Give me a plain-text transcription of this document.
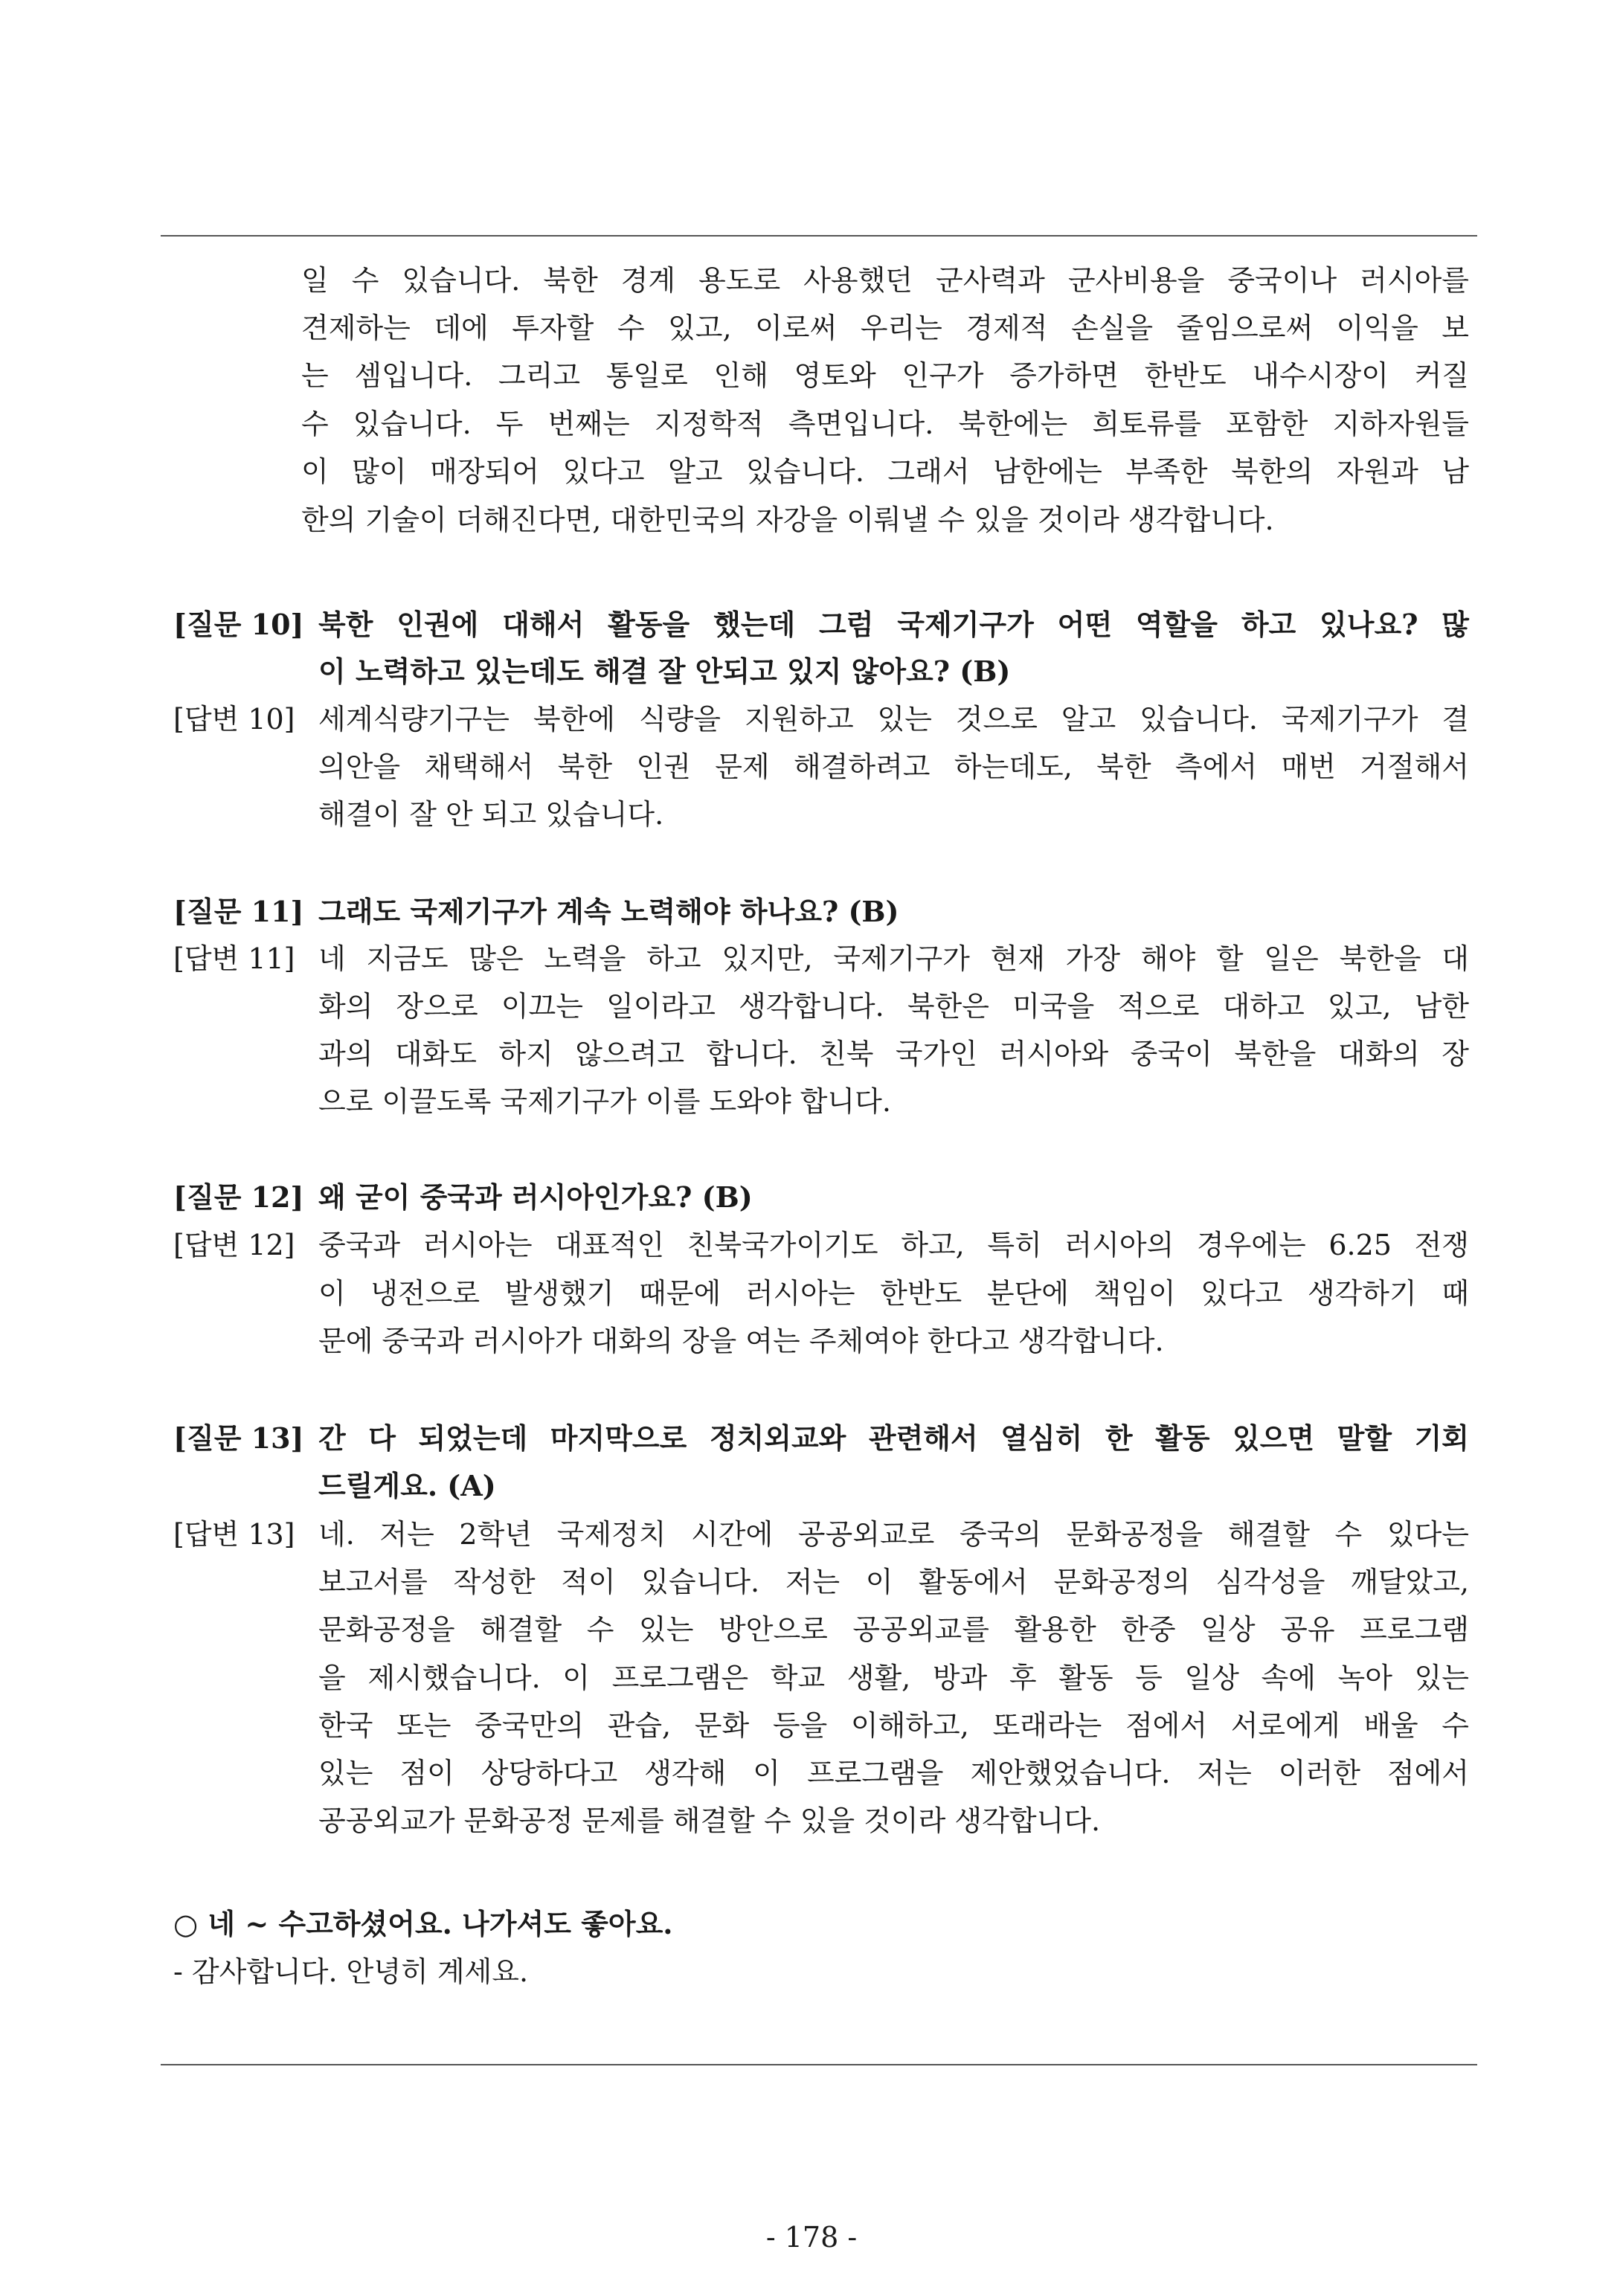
일 수 있습니다. 북한 경계 용도로 사용했던 군사력과 군사비용을 중국이나 러시아를
견제하는 데에 투자할 수 있고, 이로써 우리는 경제적 손실을 줄임으로써 이익을 보
는 셈입니다. 그리고 통일로 인해 영토와 인구가 증가하면 한반도 내수시장이 커질
수 있습니다. 두 번째는 지정학적 측면입니다. 북한에는 희토류를 포함한 지하자원들
이 많이 매장되어 있다고 알고 있습니다. 그래서 남한에는 부족한 북한의 자원과 남
한의 기술이 더해진다면, 대한민국의 자강을 이뤄낼 수 있을 것이라 생각합니다.
[질문 10] 북한 인권에 대해서 활동을 했는데 그럼 국제기구가 어떤 역할을 하고 있나요? 많
이 노력하고 있는데도 해결 잘 안되고 있지 않아요? (B)
[답변 10] 세계식량기구는 북한에 식량을 지원하고 있는 것으로 알고 있습니다. 국제기구가 결
의안을 채택해서 북한 인권 문제 해결하려고 하는데도, 북한 측에서 매번 거절해서
해결이 잘 안 되고 있습니다.
[질문 11] 그래도 국제기구가 계속 노력해야 하나요? (B)
[답변 11] 네 지금도 많은 노력을 하고 있지만, 국제기구가 현재 가장 해야 할 일은 북한을 대
화의 장으로 이끄는 일이라고 생각합니다. 북한은 미국을 적으로 대하고 있고, 남한
과의 대화도 하지 않으려고 합니다. 친북 국가인 러시아와 중국이 북한을 대화의 장
으로 이끌도록 국제기구가 이를 도와야 합니다.
[질문 12] 왜 굳이 중국과 러시아인가요? (B)
[답변 12] 중국과 러시아는 대표적인 친북국가이기도 하고, 특히 러시아의 경우에는 6.25 전쟁
이 냉전으로 발생했기 때문에 러시아는 한반도 분단에 책임이 있다고 생각하기 때
문에 중국과 러시아가 대화의 장을 여는 주체여야 한다고 생각합니다.
[질문 13] 간 다 되었는데 마지막으로 정치외교와 관련해서 열심히 한 활동 있으면 말할 기회
드릴게요. (A)
[답변 13] 네. 저는 2학년 국제정치 시간에 공공외교로 중국의 문화공정을 해결할 수 있다는
보고서를 작성한 적이 있습니다. 저는 이 활동에서 문화공정의 심각성을 깨달았고,
문화공정을 해결할 수 있는 방안으로 공공외교를 활용한 한중 일상 공유 프로그램
을 제시했습니다. 이 프로그램은 학교 생활, 방과 후 활동 등 일상 속에 녹아 있는
한국 또는 중국만의 관습, 문화 등을 이해하고, 또래라는 점에서 서로에게 배울 수
있는 점이 상당하다고 생각해 이 프로그램을 제안했었습니다. 저는 이러한 점에서
공공외교가 문화공정 문제를 해결할 수 있을 것이라 생각합니다.
○ 네 ~ 수고하셨어요. 나가셔도 좋아요.
- 감사합니다. 안녕히 계세요.
- 178 -
